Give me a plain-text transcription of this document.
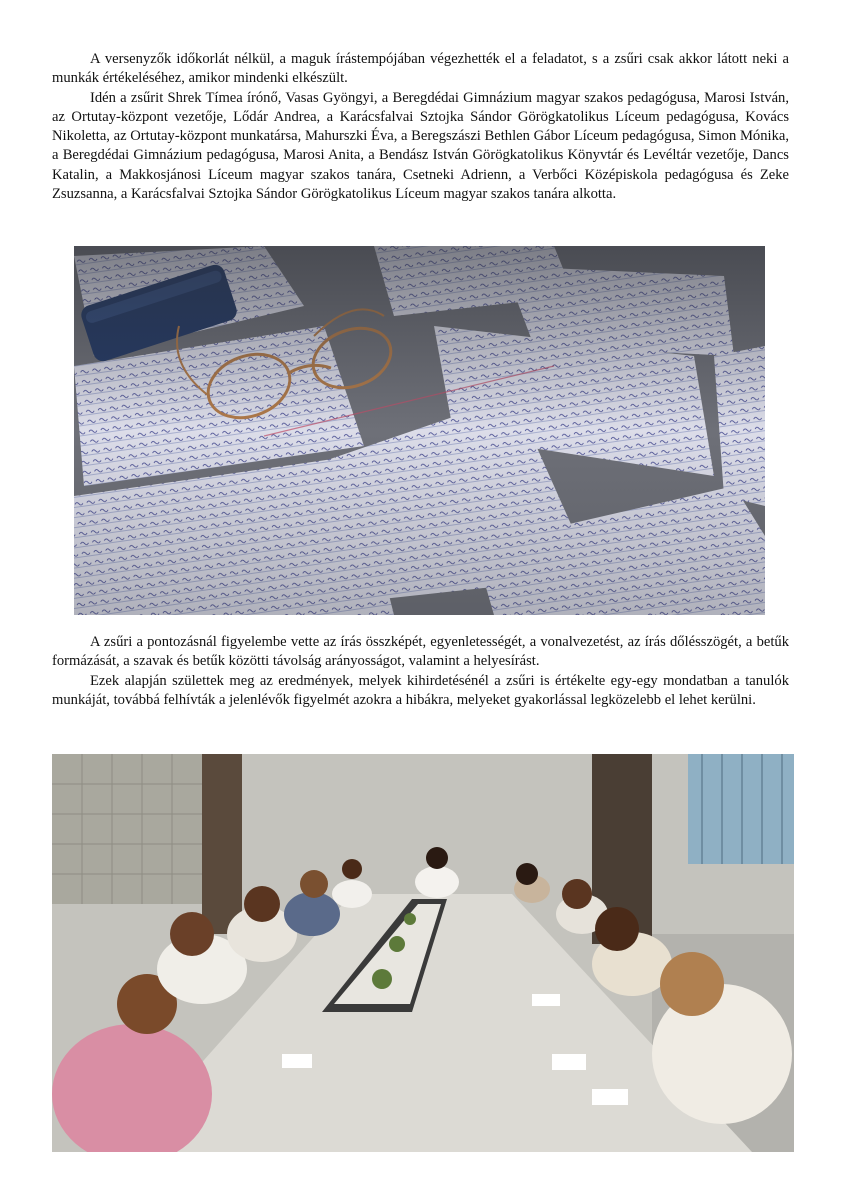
A versenyzők időkorlát nélkül, a maguk írástempójában végezhették el a feladatot, s a zsűri csak akkor látott neki a munkák értékeléséhez, amikor mindenki elkészült.

Idén a zsűrit Shrek Tímea írónő, Vasas Gyöngyi, a Beregdédai Gimnázium magyar szakos pedagógusa, Marosi István, az Ortutay-központ vezetője, Lődár Andrea, a Karácsfalvai Sztojka Sándor Görögkatolikus Líceum pedagógusa, Kovács Nikoletta, az Ortutay-központ munkatársa, Mahurszki Éva, a Beregszászi Bethlen Gábor Líceum pedagógusa, Simon Mónika, a Beregdédai Gimnázium pedagógusa, Marosi Anita, a Bendász István Görögkatolikus Könyvtár és Levéltár vezetője, Dancs Katalin, a Makkosjánosi Líceum magyar szakos tanára, Csetneki Adrienn, a Verbőci Középiskola pedagógusa és Zeke Zsuzsanna, a Karácsfalvai Sztojka Sándor Görögkatolikus Líceum magyar szakos tanára alkotta.

A zsűri a pontozásnál figyelembe vette az írás összképét, egyenletességét, a vonalvezetést, az írás dőlésszögét, a betűk formázását, a szavak és betűk közötti távolság arányosságot, valamint a helyesírást.

Ezek alapján születtek meg az eredmények, melyek kihirdetésénél a zsűri is értékelte egy-egy mondatban a tanulók munkáját, továbbá felhívták a jelenlévők figyelmét azokra a hibákra, melyeket gyakorlással legközelebb el lehet kerülni.
